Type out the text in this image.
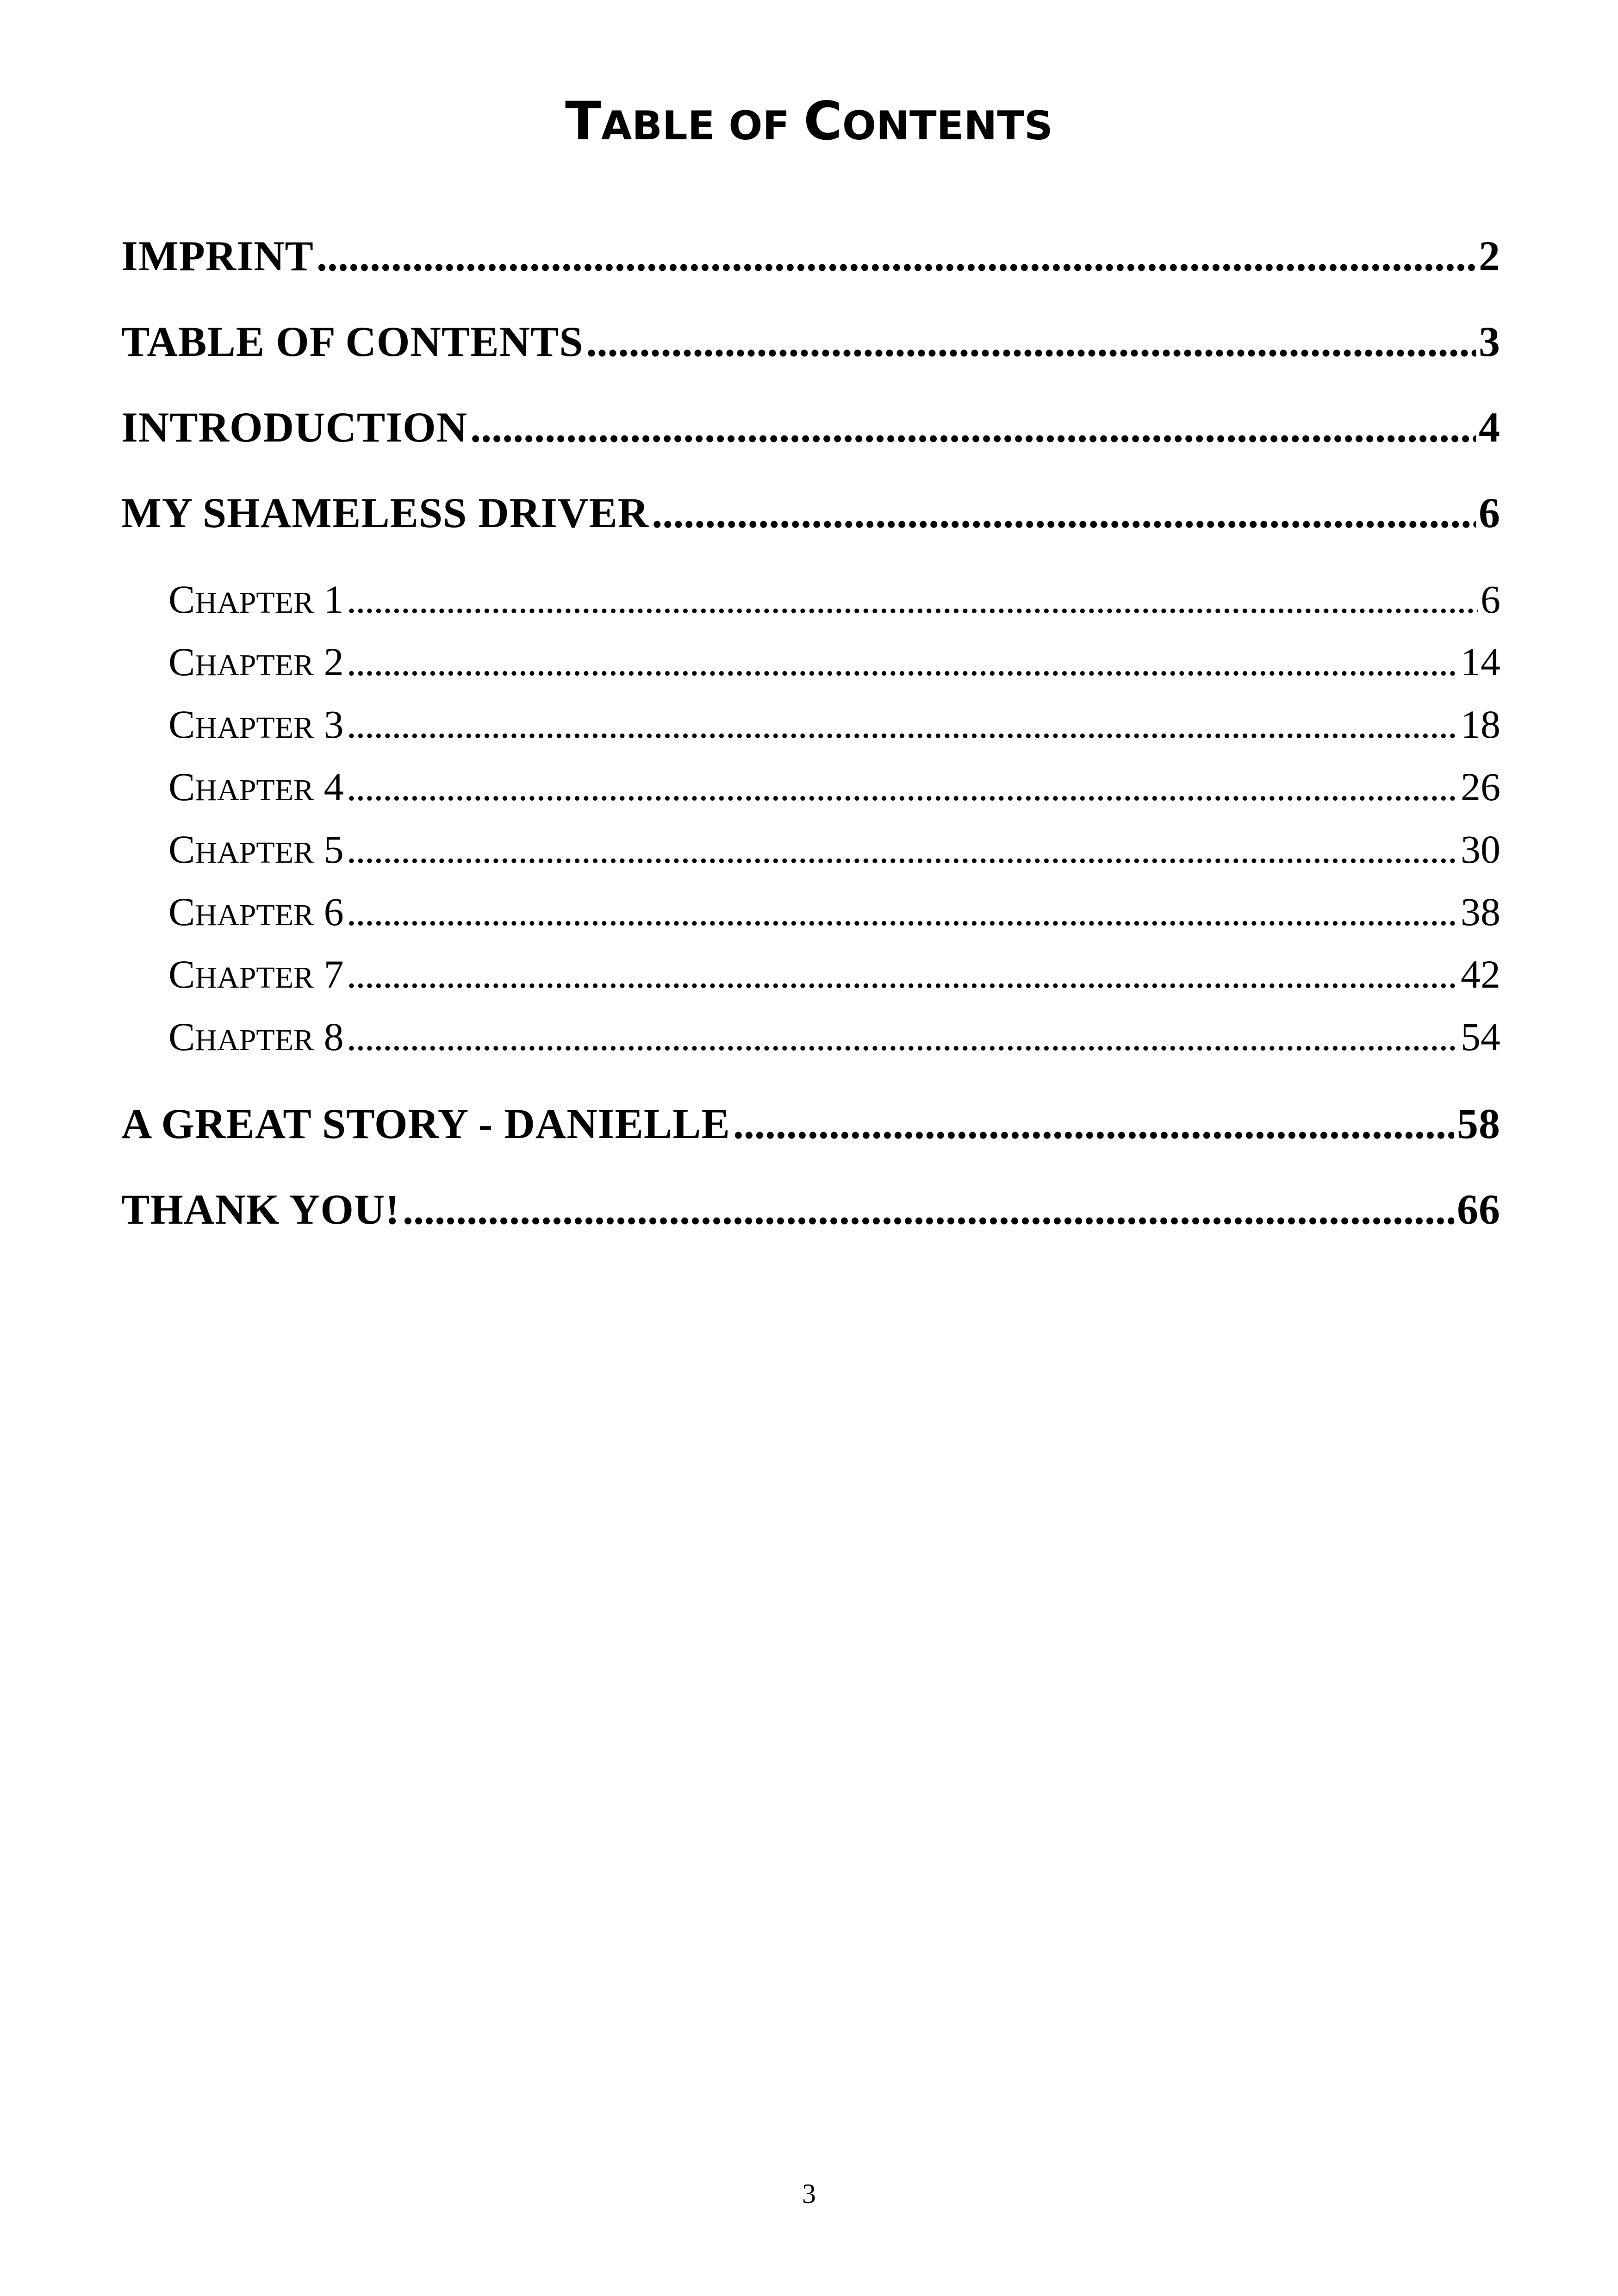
TABLE OF CONTENTS
IMPRINT .....	2
TABLE OF CONTENTS .....	3
INTRODUCTION .....	4
MY SHAMELESS DRIVER .....	6
CHAPTER 1 .....	6
CHAPTER 2 .....	14
CHAPTER 3 .....	18
CHAPTER 4 .....	26
CHAPTER 5 .....	30
CHAPTER 6 .....	38
CHAPTER 7 .....	42
CHAPTER 8 .....	54
A GREAT STORY - DANIELLE .....	58
THANK YOU! .....	66
3
